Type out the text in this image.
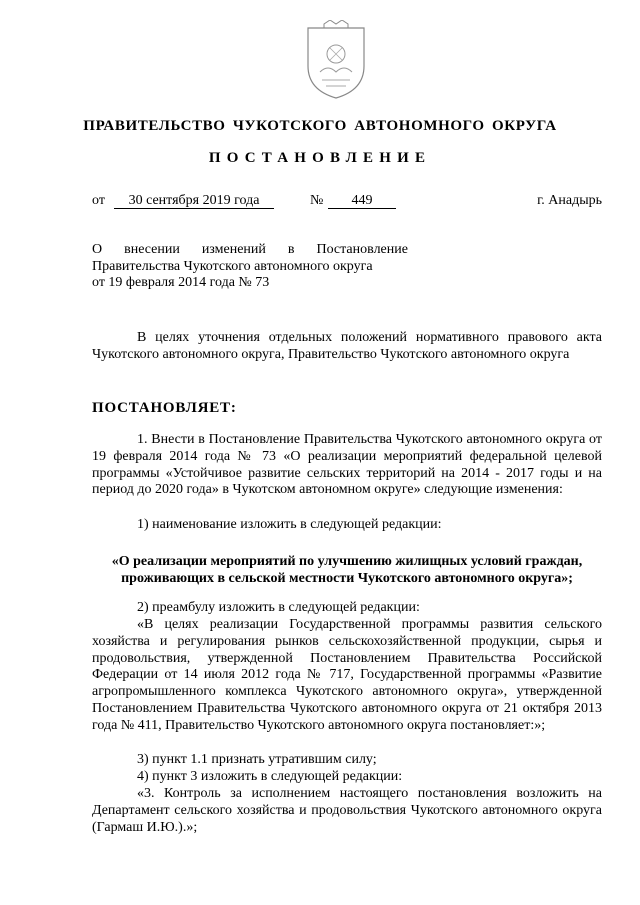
ПРАВИТЕЛЬСТВО ЧУКОТСКОГО АВТОНОМНОГО ОКРУГА
ПОСТАНОВЛЕНИЕ
от	30 сентября 2019 года	№	449	г. Анадырь
О внесении изменений в Постановление
Правительства Чукотского автономного округа
от 19 февраля 2014 года № 73

В целях уточнения отдельных положений нормативного правового акта Чукотского автономного округа, Правительство Чукотского автономного округа

ПОСТАНОВЛЯЕТ:

1. Внести в Постановление Правительства Чукотского автономного округа от 19 февраля 2014 года № 73 «О реализации мероприятий федеральной целевой программы «Устойчивое развитие сельских территорий на 2014 - 2017 годы и на период до 2020 года» в Чукотском автономном округе» следующие изменения:

1) наименование изложить в следующей редакции:

«О реализации мероприятий по улучшению жилищных условий граждан, проживающих в сельской местности Чукотского автономного округа»;

2) преамбулу изложить в следующей редакции:

«В целях реализации Государственной программы развития сельского хозяйства и регулирования рынков сельскохозяйственной продукции, сырья и продовольствия, утвержденной Постановлением Правительства Российской Федерации от 14 июля 2012 года № 717, Государственной программы «Развитие агропромышленного комплекса Чукотского автономного округа», утвержденной Постановлением Правительства Чукотского автономного округа от 21 октября 2013 года № 411, Правительство Чукотского автономного округа постановляет:»;

3) пункт 1.1 признать утратившим силу;

4) пункт 3 изложить в следующей редакции:

«3. Контроль за исполнением настоящего постановления возложить на Департамент сельского хозяйства и продовольствия Чукотского автономного округа (Гармаш И.Ю.).»;
